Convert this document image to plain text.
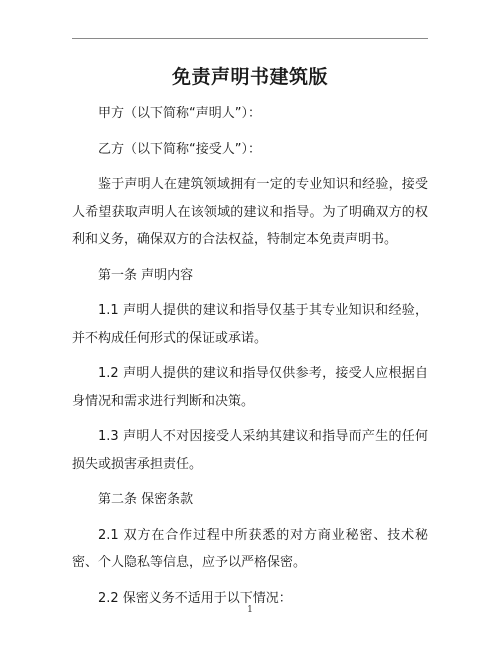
免责声明书建筑版

甲方（以下简称“声明人”）：

乙方（以下简称“接受人”）：

鉴于声明人在建筑领域拥有一定的专业知识和经验，接受人希望获取声明人在该领域的建议和指导。为了明确双方的权利和义务，确保双方的合法权益，特制定本免责声明书。

第一条 声明内容

1.1 声明人提供的建议和指导仅基于其专业知识和经验，并不构成任何形式的保证或承诺。

1.2 声明人提供的建议和指导仅供参考，接受人应根据自身情况和需求进行判断和决策。

1.3 声明人不对因接受人采纳其建议和指导而产生的任何损失或损害承担责任。

第二条 保密条款

2.1 双方在合作过程中所获悉的对方商业秘密、技术秘密、个人隐私等信息，应予以严格保密。

2.2 保密义务不适用于以下情况：

1
